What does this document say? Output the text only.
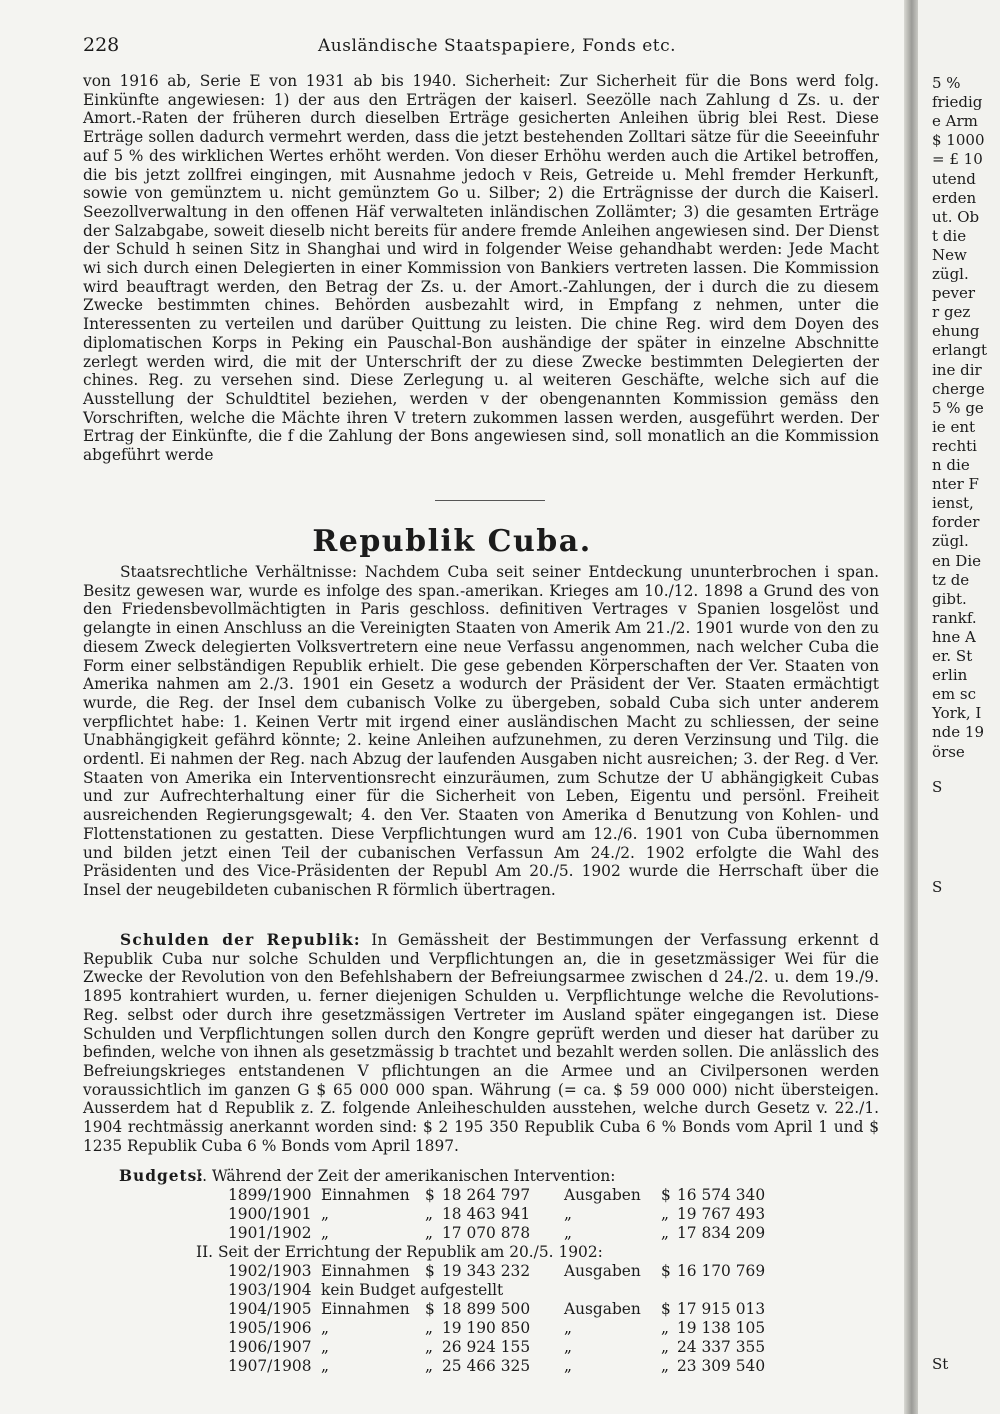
228	Ausländische Staatspapiere, Fonds etc.
von 1916 ab, Serie E von 1931 ab bis 1940. Sicherheit: Zur Sicherheit für die Bons werd folg. Einkünfte angewiesen: 1) der aus den Erträgen der kaiserl. Seezölle nach Zahlung d Zs. u. der Amort.-Raten der früheren durch dieselben Erträge gesicherten Anleihen übrig blei Rest. Diese Erträge sollen dadurch vermehrt werden, dass die jetzt bestehenden Zolltari sätze für die Seeeinfuhr auf 5 % des wirklichen Wertes erhöht werden. Von dieser Erhöhu werden auch die Artikel betroffen, die bis jetzt zollfrei eingingen, mit Ausnahme jedoch v Reis, Getreide u. Mehl fremder Herkunft, sowie von gemünztem u. nicht gemünztem Go u. Silber; 2) die Erträgnisse der durch die Kaiserl. Seezollverwaltung in den offenen Häf verwalteten inländischen Zollämter; 3) die gesamten Erträge der Salzabgabe, soweit dieselb nicht bereits für andere fremde Anleihen angewiesen sind. Der Dienst der Schuld h seinen Sitz in Shanghai und wird in folgender Weise gehandhabt werden: Jede Macht wi sich durch einen Delegierten in einer Kommission von Bankiers vertreten lassen. Die Kommission wird beauftragt werden, den Betrag der Zs. u. der Amort.-Zahlungen, der i durch die zu diesem Zwecke bestimmten chines. Behörden ausbezahlt wird, in Empfang z nehmen, unter die Interessenten zu verteilen und darüber Quittung zu leisten. Die chine Reg. wird dem Doyen des diplomatischen Korps in Peking ein Pauschal-Bon aushändige der später in einzelne Abschnitte zerlegt werden wird, die mit der Unterschrift der zu diese Zwecke bestimmten Delegierten der chines. Reg. zu versehen sind. Diese Zerlegung u. al weiteren Geschäfte, welche sich auf die Ausstellung der Schuldtitel beziehen, werden v der obengenannten Kommission gemäss den Vorschriften, welche die Mächte ihren V tretern zukommen lassen werden, ausgeführt werden. Der Ertrag der Einkünfte, die f die Zahlung der Bons angewiesen sind, soll monatlich an die Kommission abgeführt werde
Republik Cuba.
Staatsrechtliche Verhältnisse: Nachdem Cuba seit seiner Entdeckung ununterbrochen i span. Besitz gewesen war, wurde es infolge des span.-amerikan. Krieges am 10./12. 1898 a Grund des von den Friedensbevollmächtigten in Paris geschloss. definitiven Vertrages v Spanien losgelöst und gelangte in einen Anschluss an die Vereinigten Staaten von Amerik Am 21./2. 1901 wurde von den zu diesem Zweck delegierten Volksvertretern eine neue Verfassu angenommen, nach welcher Cuba die Form einer selbständigen Republik erhielt. Die gese gebenden Körperschaften der Ver. Staaten von Amerika nahmen am 2./3. 1901 ein Gesetz a wodurch der Präsident der Ver. Staaten ermächtigt wurde, die Reg. der Insel dem cubanisch Volke zu übergeben, sobald Cuba sich unter anderem verpflichtet habe: 1. Keinen Vertr mit irgend einer ausländischen Macht zu schliessen, der seine Unabhängigkeit gefährd könnte; 2. keine Anleihen aufzunehmen, zu deren Verzinsung und Tilg. die ordentl. Ei nahmen der Reg. nach Abzug der laufenden Ausgaben nicht ausreichen; 3. der Reg. d Ver. Staaten von Amerika ein Interventionsrecht einzuräumen, zum Schutze der U abhängigkeit Cubas und zur Aufrechterhaltung einer für die Sicherheit von Leben, Eigentu und persönl. Freiheit ausreichenden Regierungsgewalt; 4. den Ver. Staaten von Amerika d Benutzung von Kohlen- und Flottenstationen zu gestatten. Diese Verpflichtungen wurd am 12./6. 1901 von Cuba übernommen und bilden jetzt einen Teil der cubanischen Verfassun Am 24./2. 1902 erfolgte die Wahl des Präsidenten und des Vice-Präsidenten der Republ Am 20./5. 1902 wurde die Herrschaft über die Insel der neugebildeten cubanischen R förmlich übertragen.
Schulden der Republik: In Gemässheit der Bestimmungen der Verfassung erkennt d Republik Cuba nur solche Schulden und Verpflichtungen an, die in gesetzmässiger Wei für die Zwecke der Revolution von den Befehlshabern der Befreiungsarmee zwischen d 24./2. u. dem 19./9. 1895 kontrahiert wurden, u. ferner diejenigen Schulden u. Verpflichtunge welche die Revolutions-Reg. selbst oder durch ihre gesetzmässigen Vertreter im Ausland später eingegangen ist. Diese Schulden und Verpflichtungen sollen durch den Kongre geprüft werden und dieser hat darüber zu befinden, welche von ihnen als gesetzmässig b trachtet und bezahlt werden sollen. Die anlässlich des Befreiungskrieges entstandenen V pflichtungen an die Armee und an Civilpersonen werden voraussichtlich im ganzen G $ 65 000 000 span. Währung (= ca. $ 59 000 000) nicht übersteigen. Ausserdem hat d Republik z. Z. folgende Anleiheschulden ausstehen, welche durch Gesetz v. 22./1. 1904 rechtmässig anerkannt worden sind: $ 2 195 350 Republik Cuba 6 % Bonds vom April 1 und $ 1235 Republik Cuba 6 % Bonds vom April 1897.
Budgets:
I. Während der Zeit der amerikanischen Intervention:
1899/1900 Einnahmen $ 18 264 797 Ausgaben $ 16 574 340
1900/1901 „	„ 18 463 941 „	„ 19 767 493
1901/1902 „	„ 17 070 878 „	„ 17 834 209
1902/1903 Einnahmen $ 19 343 232 Ausgaben $ 16 170 769
1903/1904 kein Budget aufgestellt
1904/1905 Einnahmen $ 18 899 500 Ausgaben $ 17 915 013
1905/1906 „	„ 19 190 850 „	„ 19 138 105
1906/1907 „	„ 26 924 155 „	„ 24 337 355
1907/1908 „	„ 25 466 325 „	„ 23 309 540
II. Seit der Errichtung der Republik am 20./5. 1902:
5 %
friedig
e Arm
$ 1000
= £ 10
utend
erden
ut. Ob
t die
New
zügl.
pever
r gez
ehung
erlangt
ine dir
cherge
5 % ge
ie ent
rechti
n die
nter F
ienst,
forder
zügl.
en Die
tz de
gibt.
rankf.
hne A
er. St
erlin
em sc
York, I
nde 19
örse
S
S
St
